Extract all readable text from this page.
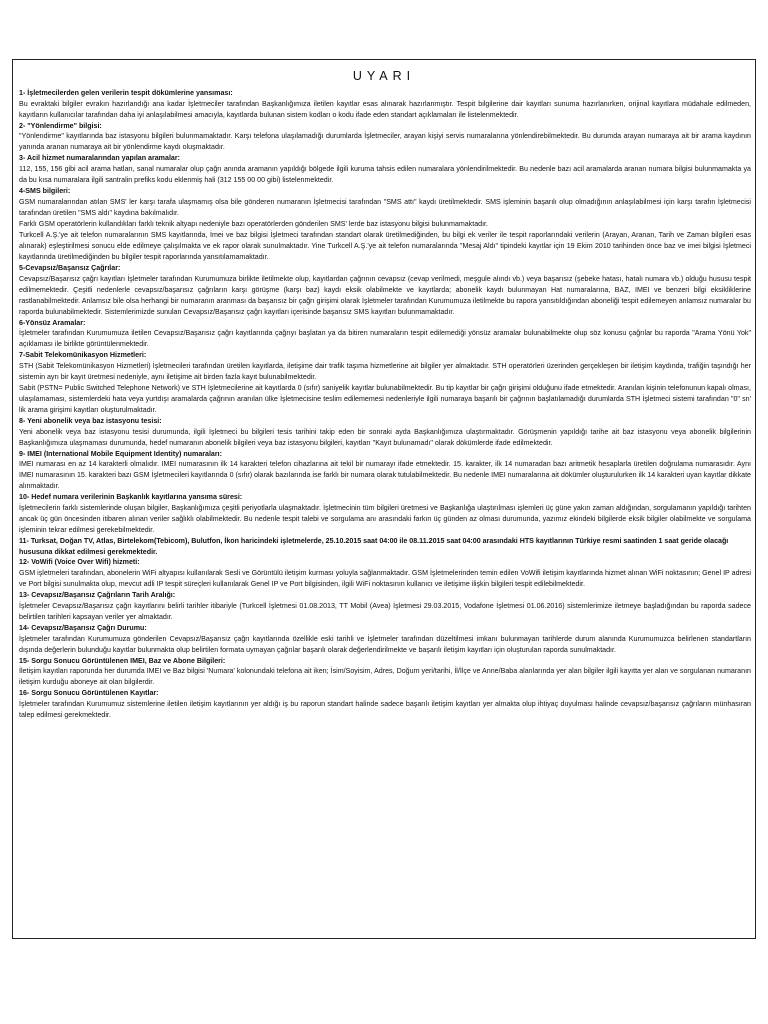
UYARI
1- İşletmecilerden gelen verilerin tespit dökümlerine yansıması:
Bu evraktaki bilgiler evrakın hazırlandığı ana kadar İşletmeciler tarafından Başkanlığımıza iletilen kayıtlar esas alınarak hazırlanmıştır. Tespit bilgilerine dair kayıtları sunuma hazırlanırken, orijinal kayıtlara müdahale edilmeden, kayıtların kullanıcılar tarafından daha iyi anlaşılabilmesi amacıyla, kayıtlarda bulunan sistem kodları o kodu ifade eden standart açıklamaları ile listelenmektedir.
2- "Yönlendirme" bilgisi:
"Yönlendirme" kayıtlarında baz istasyonu bilgileri bulunmamaktadır. Karşı telefona ulaşılamadığı durumlarda İşletmeciler, arayan kişiyi servis numaralarına yönlendirebilmektedir. Bu durumda arayan numaraya ait bir arama kaydının yanında aranan numaraya ait bir yönlendirme kaydı oluşmaktadır.
3- Acil hizmet numaralarından yapılan aramalar:
112, 155, 156 gibi acil arama hatları, sanal numaralar olup çağrı anında aramanın yapıldığı bölgede ilgili kuruma tahsis edilen numaralara yönlendirilmektedir. Bu nedenle bazı acil aramalarda aranan numara bilgisi bulunmamakta ya da bu kısa numaralara ilgili santralin prefiks kodu eklenmiş hali (312 155 00 00 gibi) listelenmektedir.
4-SMS bilgileri:
GSM numaralarından atılan SMS' ler karşı tarafa ulaşmamış olsa bile gönderen numaranın İşletmecisi tarafından "SMS attı" kaydı üretilmektedir. SMS işleminin başarılı olup olmadığının anlaşılabilmesi için karşı tarafın İşletmecisi tarafından üretilen "SMS aldı" kaydına bakılmalıdır.
Farklı GSM operatörlerin kullandıkları farklı teknik altyapı nedeniyle bazı operatörlerden gönderilen SMS' lerde baz istasyonu bilgisi bulunmamaktadır.
Turkcell A.Ş.'ye ait telefon numaralarının SMS kayıtlarında, İmei ve baz bilgisi İşletmeci tarafından standart olarak üretilmediğinden, bu bilgi ek veriler ile tespit raporlarındaki verilerin (Arayan, Aranan, Tarih ve Zaman bilgileri esas alınarak) eşleştirilmesi sonucu elde edilmeye çalışılmakta ve ek rapor olarak sunulmaktadır. Yine Turkcell A.Ş.'ye ait telefon numaralarında "Mesaj Aldı" tipindeki kayıtlar için 19 Ekim 2010 tarihinden önce baz ve imei bilgisi İşletmeci kayıtlarında üretilmediğinden bu bilgiler tespit raporlarında yansıtılamamaktadır.
5-Cevapsız/Başarısız Çağrılar:
Cevapsız/Başarısız çağrı kayıtları İşletmeler tarafından Kurumumuza birlikte iletilmekte olup, kayıtlardan çağrının cevapsız (cevap verilmedi, meşgule alındı vb.) veya başarısız (şebeke hatası, hatalı numara vb.) olduğu hususu tespit edilmemektedir. Çeşitli nedenlerle cevapsız/başarısız çağrıların karşı görüşme (karşı baz) kaydı eksik olabilmekte ve kayıtlarda; abonelik kaydı bulunmayan Hat numaralarına, BAZ, IMEI ve benzeri bilgi eksikliklerine rastlanabilmektedir. Anlamsız bile olsa herhangi bir numaranın aranması da başarısız bir çağrı girişimi olarak İşletmeler tarafından Kurumumuza iletilmekte bu rapora yansıtıldığından aboneliği tespit edilemeyen anlamsız numaralar bu raporda bulunabilmektedir. Sistemlerimizde sunulan Cevapsız/Başarısız çağrı kayıtları içerisinde başarısız SMS kayıtları bulunmamaktadır.
6-Yönsüz Aramalar:
İşletmeler tarafından Kurumumuza iletilen Cevapsız/Başarısız çağrı kayıtlarında çağrıyı başlatan ya da bitiren numaraların tespit edilemediği yönsüz aramalar bulunabilmekte olup söz konusu çağrılar bu raporda "Arama Yönü Yok" açıklaması ile birlikte görüntülenmektedir.
7-Sabit Telekomünikasyon Hizmetleri:
STH (Sabit Telekomünikasyon Hizmetleri) İşletmecileri tarafından üretilen kayıtlarda, iletişime dair trafik taşıma hizmetlerine ait bilgiler yer almaktadır. STH operatörleri üzerinden gerçekleşen bir iletişim kaydında, trafiğin taşındığı her sistemin ayrı bir kayıt üretmesi nedeniyle, aynı iletişime ait birden fazla kayıt bulunabilmektedir.
Sabit (PSTN= Public Switched Telephone Network) ve STH İşletmecilerine ait kayıtlarda 0 (sıfır) saniyelik kayıtlar bulunabilmektedir. Bu tip kayıtlar bir çağrı girişimi olduğunu ifade etmektedir. Aranılan kişinin telefonunun kapalı olması, ulaşılamaması, sistemlerdeki hata veya yurtdışı aramalarda çağrının aranılan ülke İşletmecisine teslim edilememesi nedenleriyle ilgili numaraya başarılı bir çağrının başlatılamadığı durumlarda STH İşletmeci sistemi tarafından "0" sn' lik arama girişimi kayıtları oluşturulmaktadır.
8- Yeni abonelik veya baz istasyonu tesisi:
Yeni abonelik veya baz istasyonu tesisi durumunda, ilgili İşletmeci bu bilgileri tesis tarihini takip eden bir sonraki ayda Başkanlığımıza ulaştırmaktadır. Görüşmenin yapıldığı tarihe ait baz istasyonu veya abonelik bilgilerinin Başkanlığımıza ulaşmaması durumunda, hedef numaranın abonelik bilgileri veya baz istasyonu bilgileri, kayıtları "Kayıt bulunamadı" olarak dökümlerde ifade edilmektedir.
9- IMEI (International Mobile Equipment Identity) numaraları:
IMEI numarası en az 14 karakterli olmalıdır. IMEI numarasının ilk 14 karakteri telefon cihazlarına ait tekil bir numarayı ifade etmektedir. 15. karakter, ilk 14 numaradan bazı aritmetik hesaplarla üretilen doğrulama numarasıdır. Aynı IMEI numarasının 15. karakteri bazı GSM İşletmecileri kayıtlarında 0 (sıfır) olarak bazılarında ise farklı bir numara olarak tutulabilmektedir. Bu nedenle IMEI numaralarına ait dökümler oluşturulurken ilk 14 karakteri uyan kayıtlar dikkate alınmaktadır.
10- Hedef numara verilerinin Başkanlık kayıtlarına yansıma süresi:
İşletmecilerin farklı sistemlerinde oluşan bilgiler, Başkanlığımıza çeşitli periyotlarla ulaşmaktadır. İşletmecinin tüm bilgileri üretmesi ve Başkanlığa ulaştırılması işlemleri üç güne yakın zaman aldığından, sorgulamanın yapıldığı tarihten ancak üç gün öncesinden itibaren alınan veriler sağlıklı olabilmektedir. Bu nedenle tespit talebi ve sorgulama anı arasındaki farkın üç günden az olması durumunda, yazımız ekindeki bilgilerde eksik bilgiler olabilmekte ve sorgulama işleminin tekrar edilmesi gerekebilmektedir.
11- Turksat, Doğan TV, Atlas, Birtelekom(Tebicom), Bulutfon, İkon haricindeki işletmelerde, 25.10.2015 saat 04:00 ile 08.11.2015 saat 04:00 arasındaki HTS kayıtlarının Türkiye resmi saatinden 1 saat geride olacağı hususuna dikkat edilmesi gerekmektedir.
12- VoWifi (Voice Over Wifi) hizmeti:
GSM işletmeleri tarafından, abonelerin WiFi altyapısı kullanılarak Sesli ve Görüntülü iletişim kurması yoluyla sağlanmaktadır. GSM İşletmelerinden temin edilen VoWifi iletişim kayıtlarında hizmet alınan WiFi noktasının; Genel IP adresi ve Port bilgisi sunulmakta olup, mevcut adli IP tespit süreçleri kullanılarak Genel IP ve Port bilgisinden, ilgili WiFi noktasının kullanıcı ve iletişime ilişkin bilgileri tespit edilebilmektedir.
13- Cevapsız/Başarısız Çağrıların Tarih Aralığı:
İşletmeler Cevapsız/Başarısız çağrı kayıtlarını belirli tarihler itibariyle (Turkcell İşletmesi 01.08.2013, TT Mobil (Avea) İşletmesi 29.03.2015, Vodafone İşletmesi 01.06.2016) sistemlerimize iletmeye başladığından bu raporda sadece belirtilen tarihleri kapsayan veriler yer almaktadır.
14- Cevapsız/Başarısız Çağrı Durumu:
İşletmeler tarafından Kurumumuza gönderilen Cevapsız/Başarısız çağrı kayıtlarında özellikle eski tarihli ve İşletmeler tarafından düzeltilmesi imkanı bulunmayan tarihlerde durum alanında Kurumumuzca belirlenen standartların dışında değerlerin bulunduğu kayıtlar bulunmakta olup belirtilen formata uymayan çağrılar başarılı olarak değerlendirilmekte ve başarılı iletişim kayıtları için oluşturulan raporda sunulmaktadır.
15- Sorgu Sonucu Görüntülenen IMEI, Baz ve Abone Bilgileri:
İletişim kayıtları raporunda her durumda IMEI ve Baz bilgisi 'Numara' kolonundaki telefona ait iken; İsim/Soyisim, Adres, Doğum yeri/tarihi, İl/İlçe ve Anne/Baba alanlarında yer alan bilgiler ilgili kayıtta yer alan ve sorgulanan numaranın iletişim kurduğu aboneye ait olan bilgilerdir.
16- Sorgu Sonucu Görüntülenen Kayıtlar:
İşletmeler tarafından Kurumumuz sistemlerine iletilen iletişim kayıtlarının yer aldığı iş bu raporun standart halinde sadece başarılı iletişim kayıtları yer almakta olup ihtiyaç duyulması halinde cevapsız/başarısız çağrıların münhasıran talep edilmesi gerekmektedir.
